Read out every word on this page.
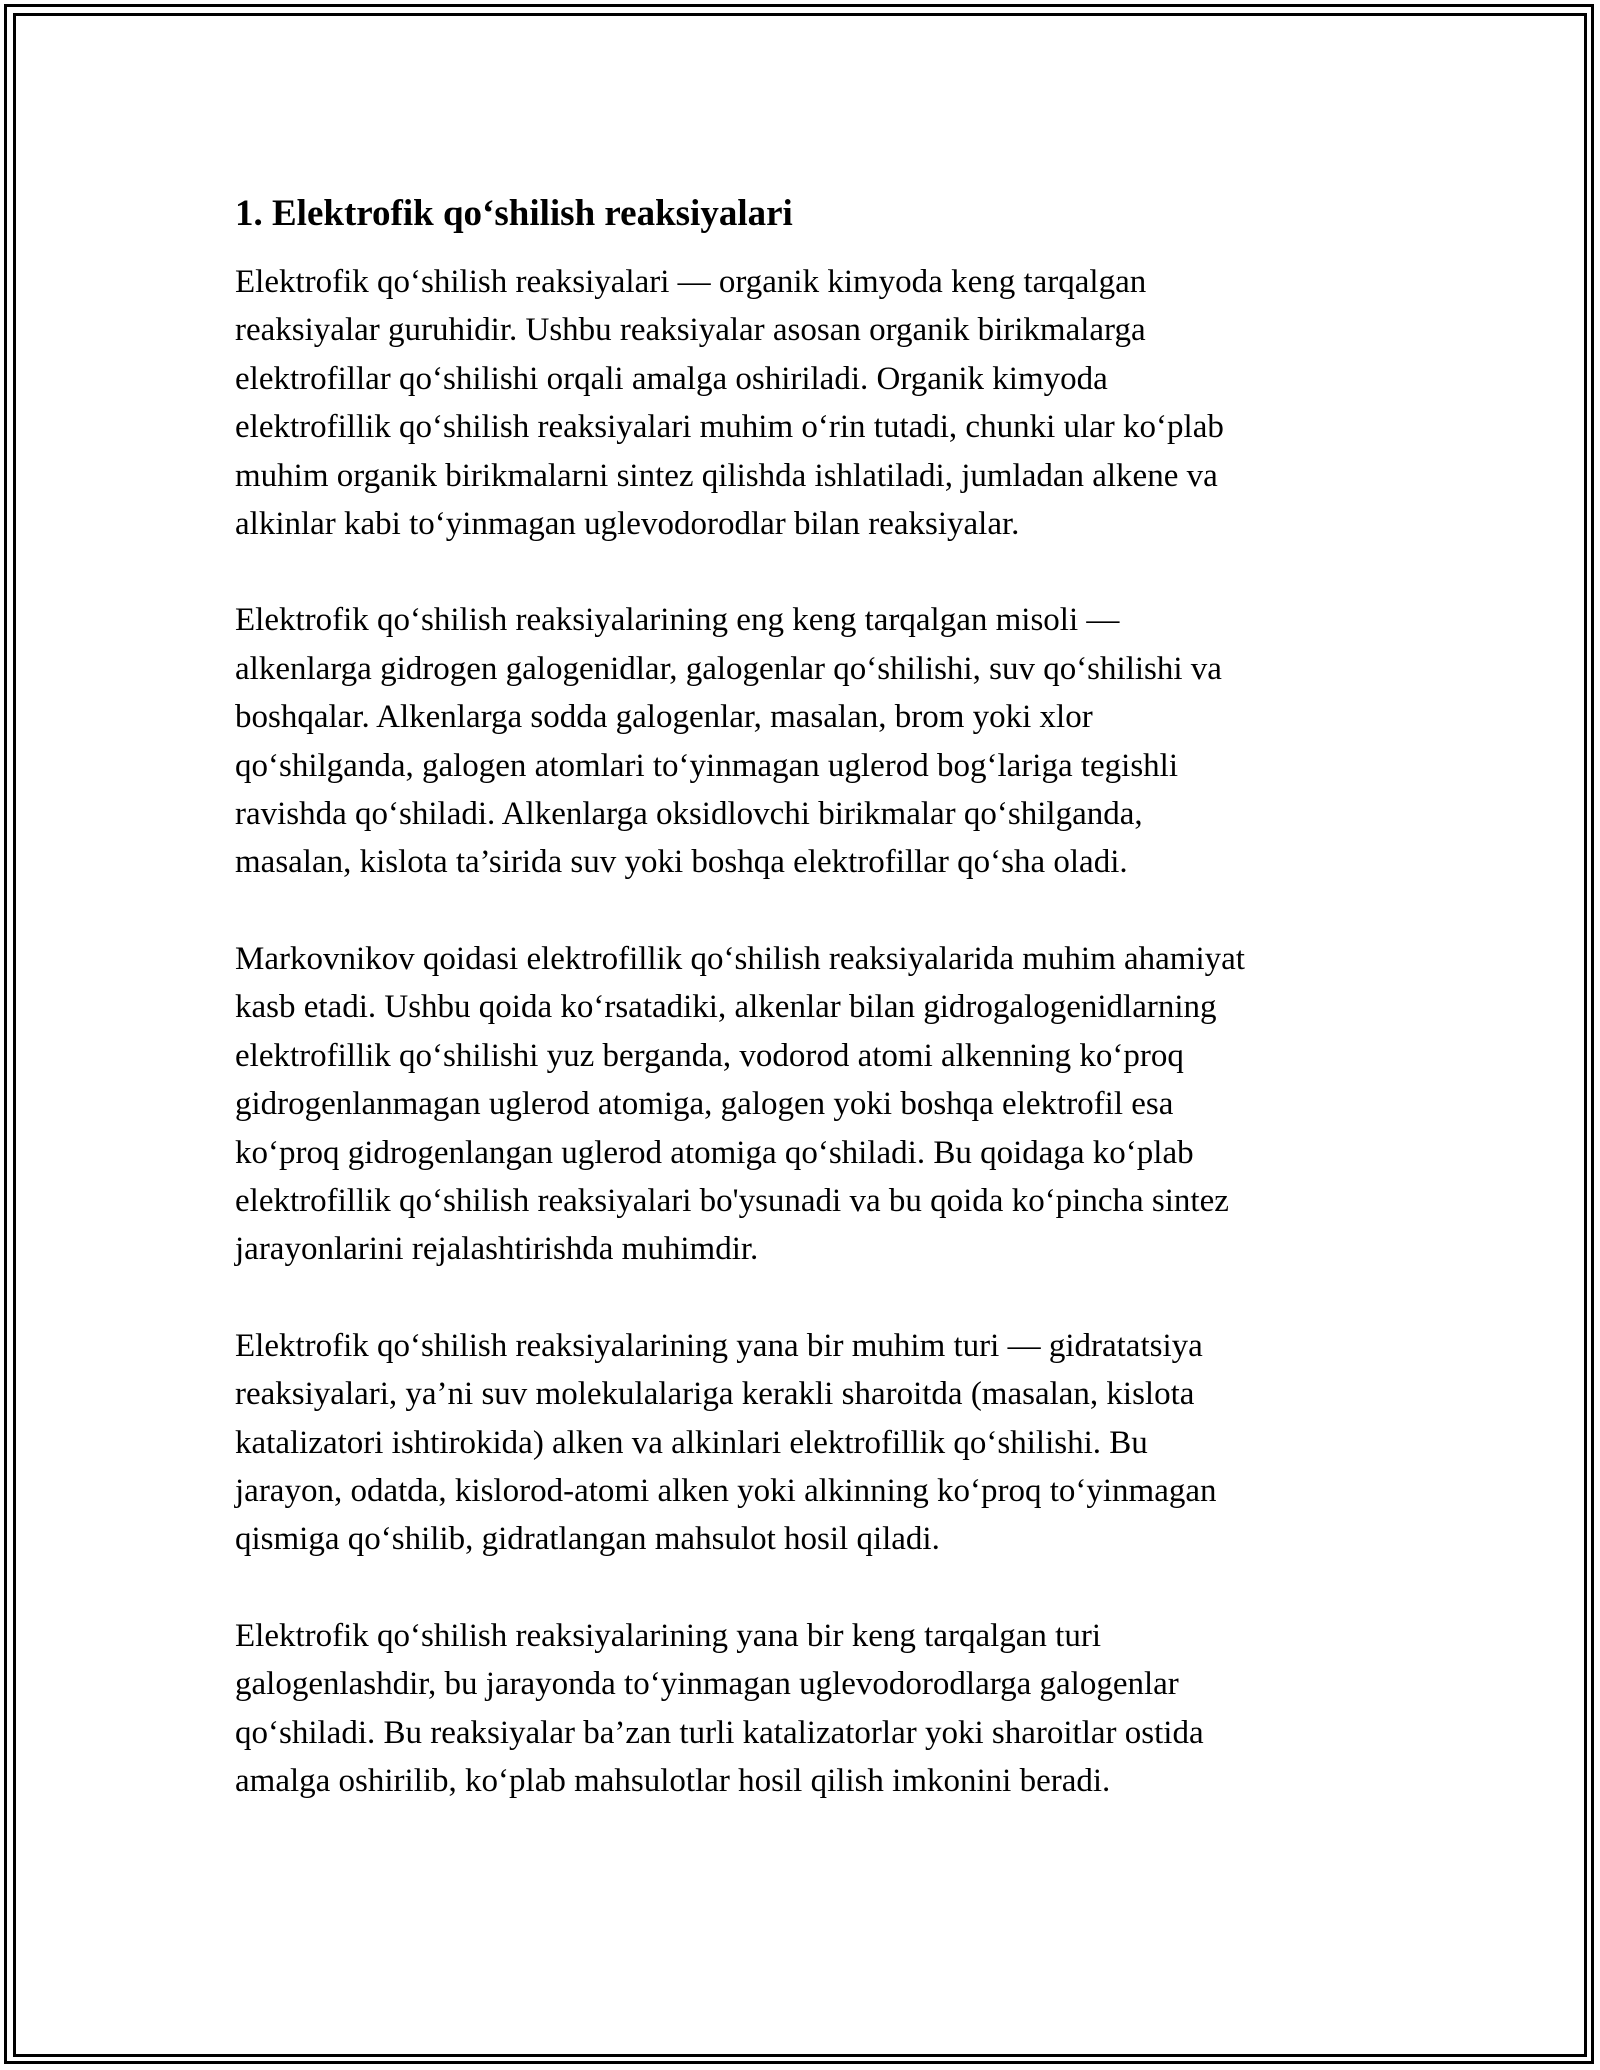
1. Elektrofik qo‘shilish reaksiyalari
Elektrofik qo‘shilish reaksiyalari — organik kimyoda keng tarqalgan
reaksiyalar guruhidir. Ushbu reaksiyalar asosan organik birikmalarga
elektrofillar qo‘shilishi orqali amalga oshiriladi. Organik kimyoda
elektrofillik qo‘shilish reaksiyalari muhim o‘rin tutadi, chunki ular ko‘plab
muhim organik birikmalarni sintez qilishda ishlatiladi, jumladan alkene va
alkinlar kabi to‘yinmagan uglevodorodlar bilan reaksiyalar.
Elektrofik qo‘shilish reaksiyalarining eng keng tarqalgan misoli —
alkenlarga gidrogen galogenidlar, galogenlar qo‘shilishi, suv qo‘shilishi va
boshqalar. Alkenlarga sodda galogenlar, masalan, brom yoki xlor
qo‘shilganda, galogen atomlari to‘yinmagan uglerod bog‘lariga tegishli
ravishda qo‘shiladi. Alkenlarga oksidlovchi birikmalar qo‘shilganda,
masalan, kislota ta’sirida suv yoki boshqa elektrofillar qo‘sha oladi.
Markovnikov qoidasi elektrofillik qo‘shilish reaksiyalarida muhim ahamiyat
kasb etadi. Ushbu qoida ko‘rsatadiki, alkenlar bilan gidrogalogenidlarning
elektrofillik qo‘shilishi yuz berganda, vodorod atomi alkenning ko‘proq
gidrogenlanmagan uglerod atomiga, galogen yoki boshqa elektrofil esa
ko‘proq gidrogenlangan uglerod atomiga qo‘shiladi. Bu qoidaga ko‘plab
elektrofillik qo‘shilish reaksiyalari bo'ysunadi va bu qoida ko‘pincha sintez
jarayonlarini rejalashtirishda muhimdir.
Elektrofik qo‘shilish reaksiyalarining yana bir muhim turi — gidratatsiya
reaksiyalari, ya’ni suv molekulalariga kerakli sharoitda (masalan, kislota
katalizatori ishtirokida) alken va alkinlari elektrofillik qo‘shilishi. Bu
jarayon, odatda, kislorod-atomi alken yoki alkinning ko‘proq to‘yinmagan
qismiga qo‘shilib, gidratlangan mahsulot hosil qiladi.
Elektrofik qo‘shilish reaksiyalarining yana bir keng tarqalgan turi
galogenlashdir, bu jarayonda to‘yinmagan uglevodorodlarga galogenlar
qo‘shiladi. Bu reaksiyalar ba’zan turli katalizatorlar yoki sharoitlar ostida
amalga oshirilib, ko‘plab mahsulotlar hosil qilish imkonini beradi.
